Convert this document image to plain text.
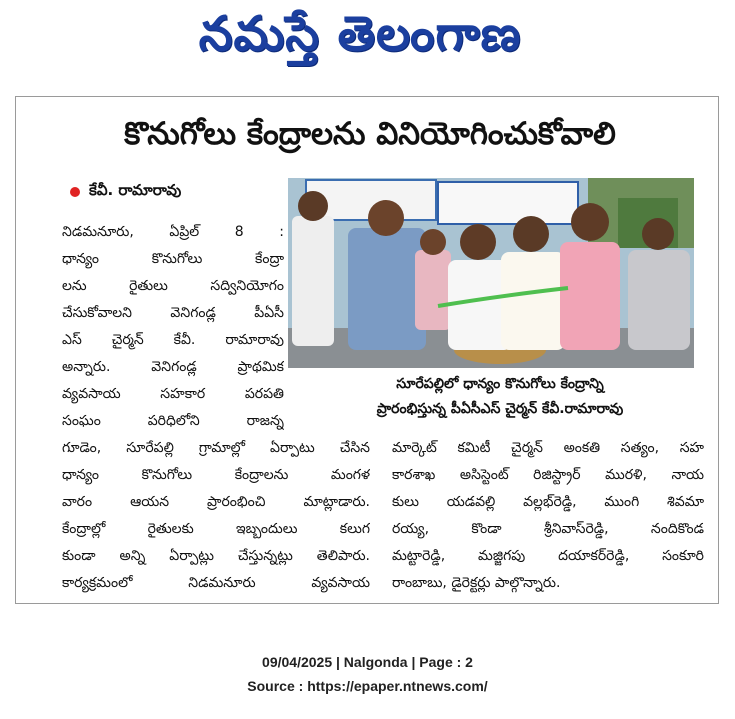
నమస్తే తెలంగాణ
కొనుగోలు కేంద్రాలను వినియోగించుకోవాలి
కేవీ. రామారావు
నిడమనూరు, ఏప్రిల్ 8 :
ధాన్యం కొనుగోలు కేంద్రా
లను రైతులు సద్వినియోగం
చేసుకోవాలని వెనిగండ్ల పీఏసీ
ఎస్ చైర్మన్ కేవీ. రామారావు
అన్నారు. వెనిగండ్ల ప్రాథమిక
వ్యవసాయ సహకార పరపతి
సంఘం పరిధిలోని రాజన్న
సూరేపల్లిలో ధాన్యం కొనుగోలు కేంద్రాన్ని
ప్రారంభిస్తున్న పీఏసీఎస్ చైర్మన్ కేవీ.రామారావు
గూడెం, సూరేపల్లి గ్రామాల్లో ఏర్పాటు చేసిన
ధాన్యం కొనుగోలు కేంద్రాలను మంగళ
వారం ఆయన ప్రారంభించి మాట్లాడారు.
కేంద్రాల్లో రైతులకు ఇబ్బందులు కలుగ
కుండా అన్ని ఏర్పాట్లు చేస్తున్నట్లు తెలిపారు.
కార్యక్రమంలో నిడమనూరు వ్యవసాయ
మార్కెట్ కమిటీ చైర్మన్ అంకతి సత్యం, సహ
కారశాఖ అసిస్టెంట్ రిజిస్ట్రార్ మురళి, నాయ
కులు యడవల్లి వల్లభ్‌రెడ్డి, ముంగి శివమా
రయ్య, కొండా శ్రీనివాస్‌రెడ్డి, నందికొండ
మట్టారెడ్డి, మజ్జిగపు దయాకర్‌రెడ్డి, సంకూరి
రాంబాబు, డైరెక్టర్లు పాల్గొన్నారు.
09/04/2025 | Nalgonda | Page : 2
Source : https://epaper.ntnews.com/
